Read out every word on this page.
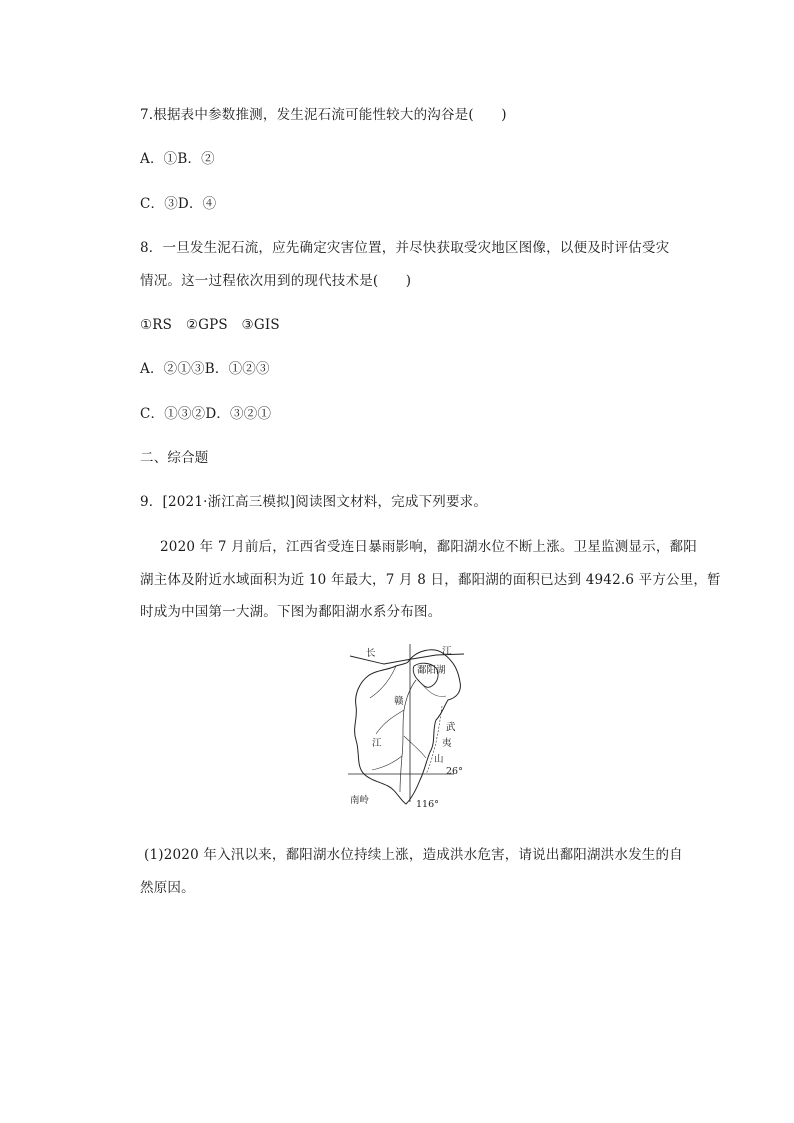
7.根据表中参数推测，发生泥石流可能性较大的沟谷是(　　)
A．①B．②
C．③D．④
8．一旦发生泥石流，应先确定灾害位置，并尽快获取受灾地区图像，以便及时评估受灾
情况。这一过程依次用到的现代技术是(　　)
①RS　②GPS　③GIS
A．②①③B．①②③
C．①③②D．③②①
二、综合题
9．[2021·浙江高三模拟]阅读图文材料，完成下列要求。
2020 年 7 月前后，江西省受连日暴雨影响，鄱阳湖水位不断上涨。卫星监测显示，鄱阳
湖主体及附近水域面积为近 10 年最大，7 月 8 日，鄱阳湖的面积已达到 4942.6 平方公里，暂
时成为中国第一大湖。下图为鄱阳湖水系分布图。
长	江
鄱阳湖
赣
江
武
夷
山
26°
南岭	116°
(1)2020 年入汛以来，鄱阳湖水位持续上涨，造成洪水危害，请说出鄱阳湖洪水发生的自
然原因。
